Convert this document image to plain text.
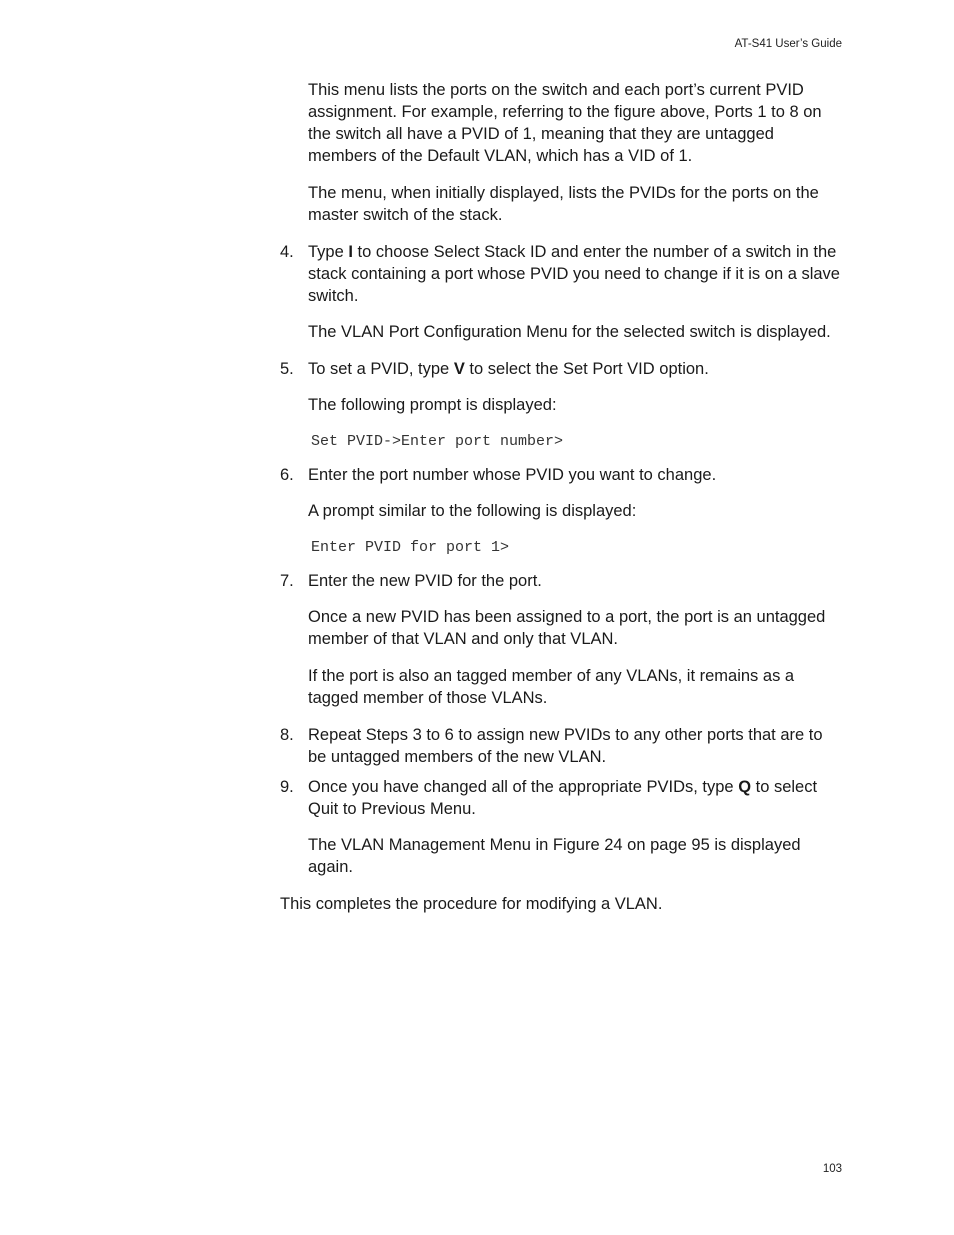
AT-S41 User’s Guide

This menu lists the ports on the switch and each port’s current PVID assignment. For example, referring to the figure above, Ports 1 to 8 on the switch all have a PVID of 1, meaning that they are untagged members of the Default VLAN, which has a VID of 1.

The menu, when initially displayed, lists the PVIDs for the ports on the master switch of the stack.

4. Type I to choose Select Stack ID and enter the number of a switch in the stack containing a port whose PVID you need to change if it is on a slave switch.

The VLAN Port Configuration Menu for the selected switch is displayed.

5. To set a PVID, type V to select the Set Port VID option.

The following prompt is displayed:

Set PVID->Enter port number>

6. Enter the port number whose PVID you want to change.

A prompt similar to the following is displayed:

Enter PVID for port 1>

7. Enter the new PVID for the port.

Once a new PVID has been assigned to a port, the port is an untagged member of that VLAN and only that VLAN.

If the port is also an tagged member of any VLANs, it remains as a tagged member of those VLANs.

8. Repeat Steps 3 to 6 to assign new PVIDs to any other ports that are to be untagged members of the new VLAN.
9. Once you have changed all of the appropriate PVIDs, type Q to select Quit to Previous Menu.

The VLAN Management Menu in Figure 24 on page 95 is displayed again.

This completes the procedure for modifying a VLAN.

103
